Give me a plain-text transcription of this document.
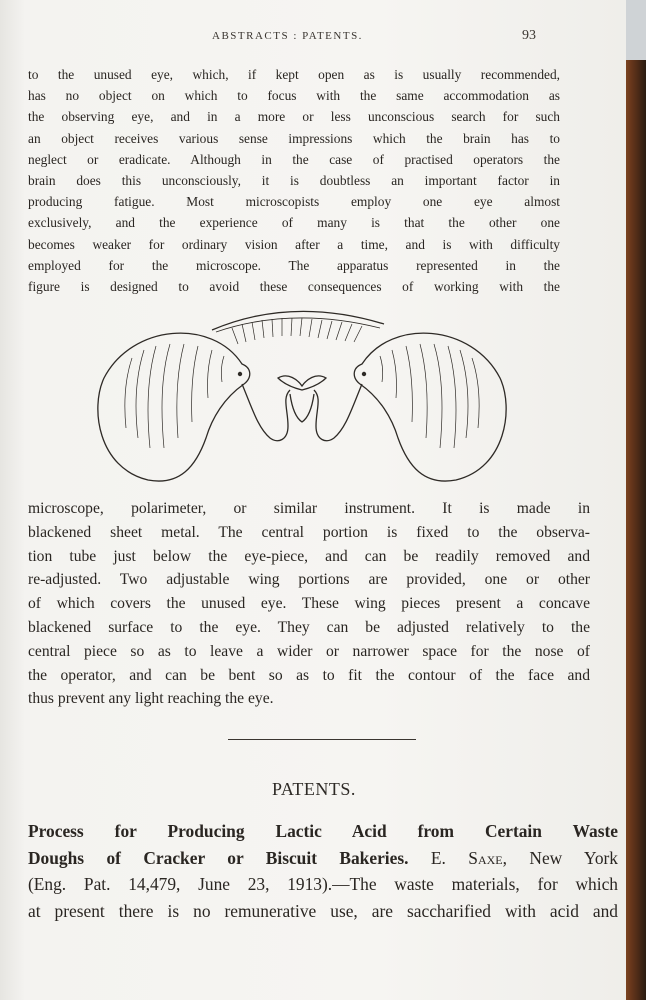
ABSTRACTS : PATENTS.	93
to the unused eye, which, if kept open as is usually recommended,
has no object on which to focus with the same accommodation as
the observing eye, and in a more or less unconscious search for such
an object receives various sense impressions which the brain has to
neglect or eradicate. Although in the case of practised operators the
brain does this unconsciously, it is doubtless an important factor in
producing fatigue. Most microscopists employ one eye almost
exclusively, and the experience of many is that the other one
becomes weaker for ordinary vision after a time, and is with difficulty
employed for the microscope. The apparatus represented in the
figure is designed to avoid these consequences of working with the
microscope, polarimeter, or similar instrument. It is made in
blackened sheet metal. The central portion is fixed to the observa-
tion tube just below the eye-piece, and can be readily removed and
re-adjusted. Two adjustable wing portions are provided, one or other
of which covers the unused eye. These wing pieces present a concave
blackened surface to the eye. They can be adjusted relatively to the
central piece so as to leave a wider or narrower space for the nose of
the operator, and can be bent so as to fit the contour of the face and
thus prevent any light reaching the eye.
PATENTS.
Process for Producing Lactic Acid from Certain Waste
Doughs of Cracker or Biscuit Bakeries. E. Saxe, New York
(Eng. Pat. 14,479, June 23, 1913).—The waste materials, for which
at present there is no remunerative use, are saccharified with acid and
